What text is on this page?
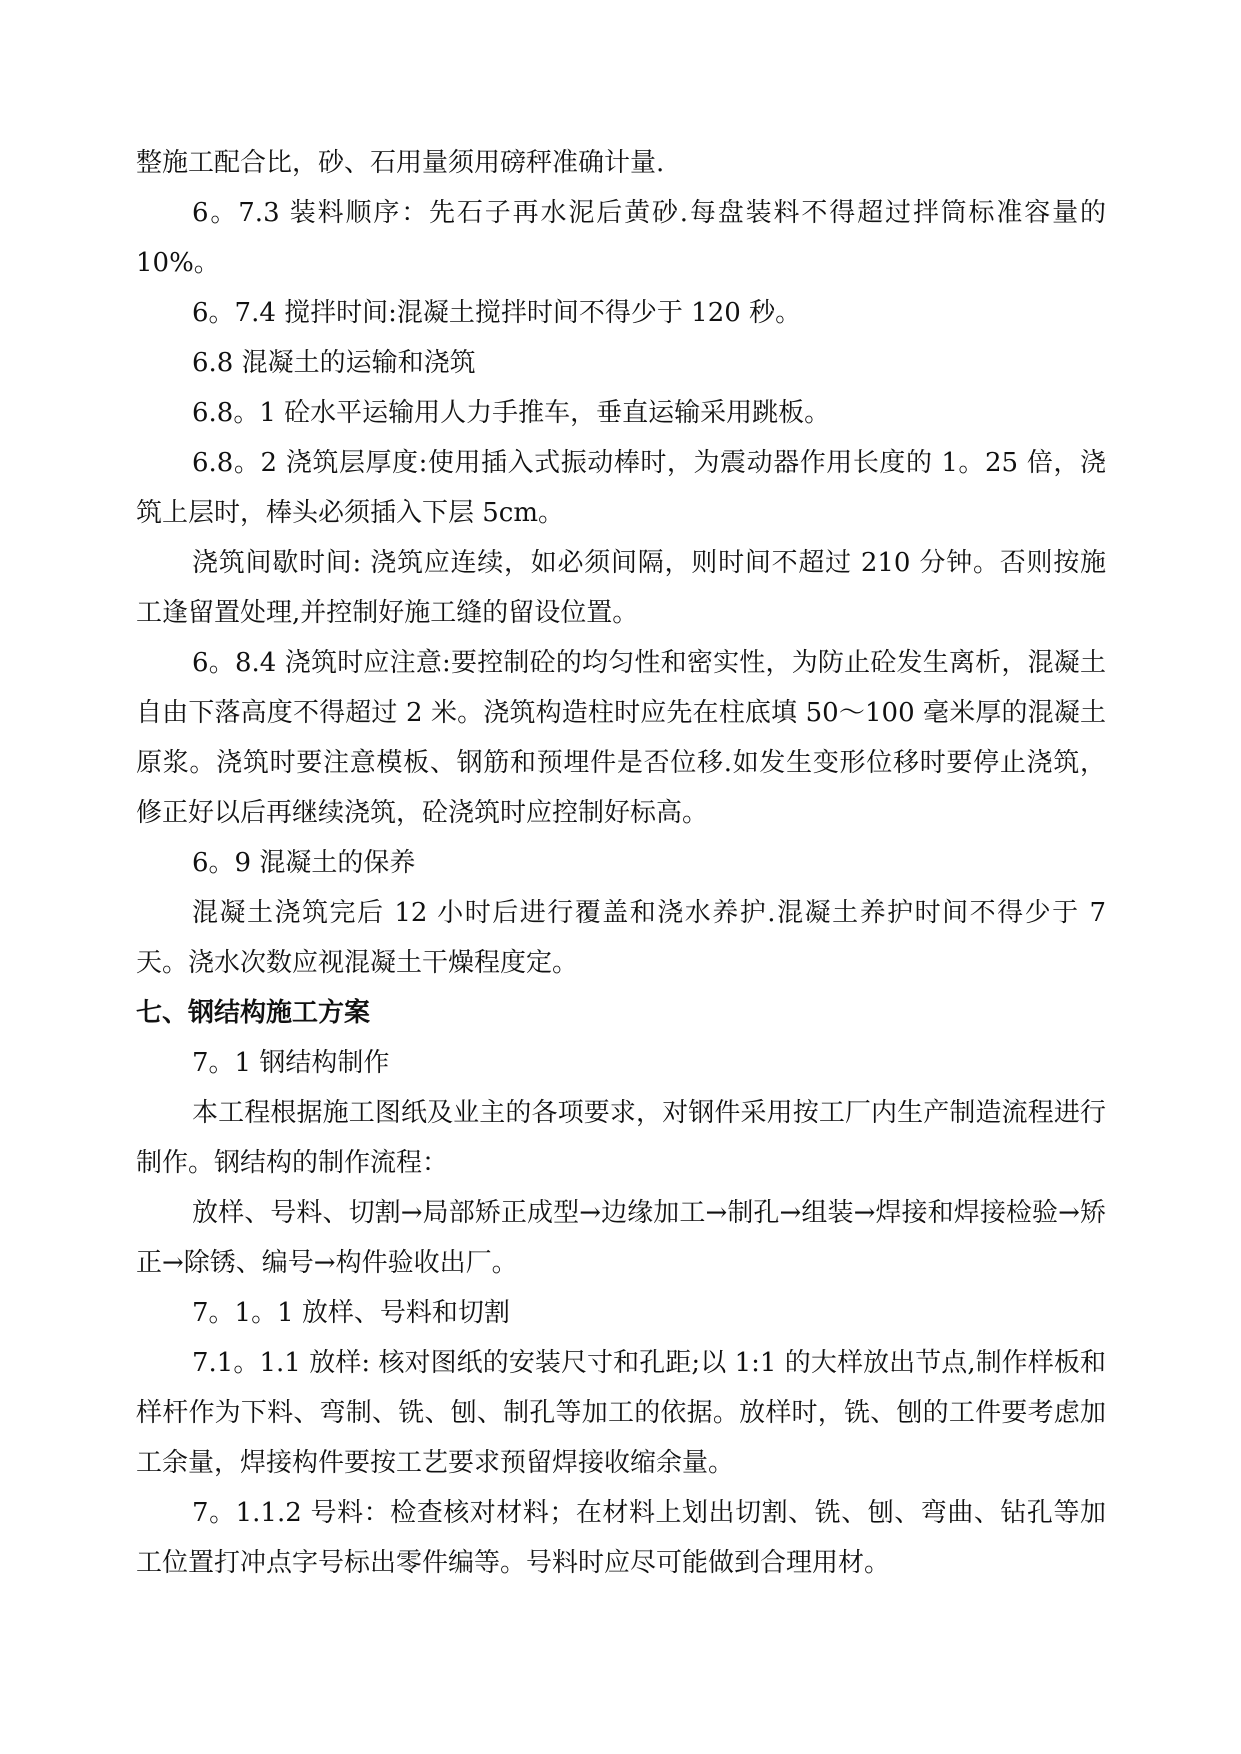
整施工配合比，砂、石用量须用磅秤准确计量.

6。7.3 装料顺序：先石子再水泥后黄砂.每盘装料不得超过拌筒标准容量的 10%。

6。7.4 搅拌时间:混凝土搅拌时间不得少于 120 秒。

6.8 混凝土的运输和浇筑

6.8。1 砼水平运输用人力手推车，垂直运输采用跳板。

6.8。2 浇筑层厚度:使用插入式振动棒时，为震动器作用长度的 1。25 倍，浇筑上层时，棒头必须插入下层 5cm。

浇筑间歇时间: 浇筑应连续，如必须间隔，则时间不超过 210 分钟。否则按施工逢留置处理,并控制好施工缝的留设位置。

6。8.4 浇筑时应注意:要控制砼的均匀性和密实性，为防止砼发生离析，混凝土自由下落高度不得超过 2 米。浇筑构造柱时应先在柱底填 50～100 毫米厚的混凝土原浆。浇筑时要注意模板、钢筋和预埋件是否位移.如发生变形位移时要停止浇筑，修正好以后再继续浇筑，砼浇筑时应控制好标高。

6。9 混凝土的保养

混凝土浇筑完后 12 小时后进行覆盖和浇水养护.混凝土养护时间不得少于 7 天。浇水次数应视混凝土干燥程度定。

七、钢结构施工方案

7。1 钢结构制作

本工程根据施工图纸及业主的各项要求，对钢件采用按工厂内生产制造流程进行制作。钢结构的制作流程：

放样、号料、切割→局部矫正成型→边缘加工→制孔→组装→焊接和焊接检验→矫正→除锈、编号→构件验收出厂。

7。1。1 放样、号料和切割

7.1。1.1 放样: 核对图纸的安装尺寸和孔距;以 1:1 的大样放出节点,制作样板和样杆作为下料、弯制、铣、刨、制孔等加工的依据。放样时，铣、刨的工件要考虑加工余量，焊接构件要按工艺要求预留焊接收缩余量。

7。1.1.2 号料：检查核对材料；在材料上划出切割、铣、刨、弯曲、钻孔等加工位置打冲点字号标出零件编等。号料时应尽可能做到合理用材。
